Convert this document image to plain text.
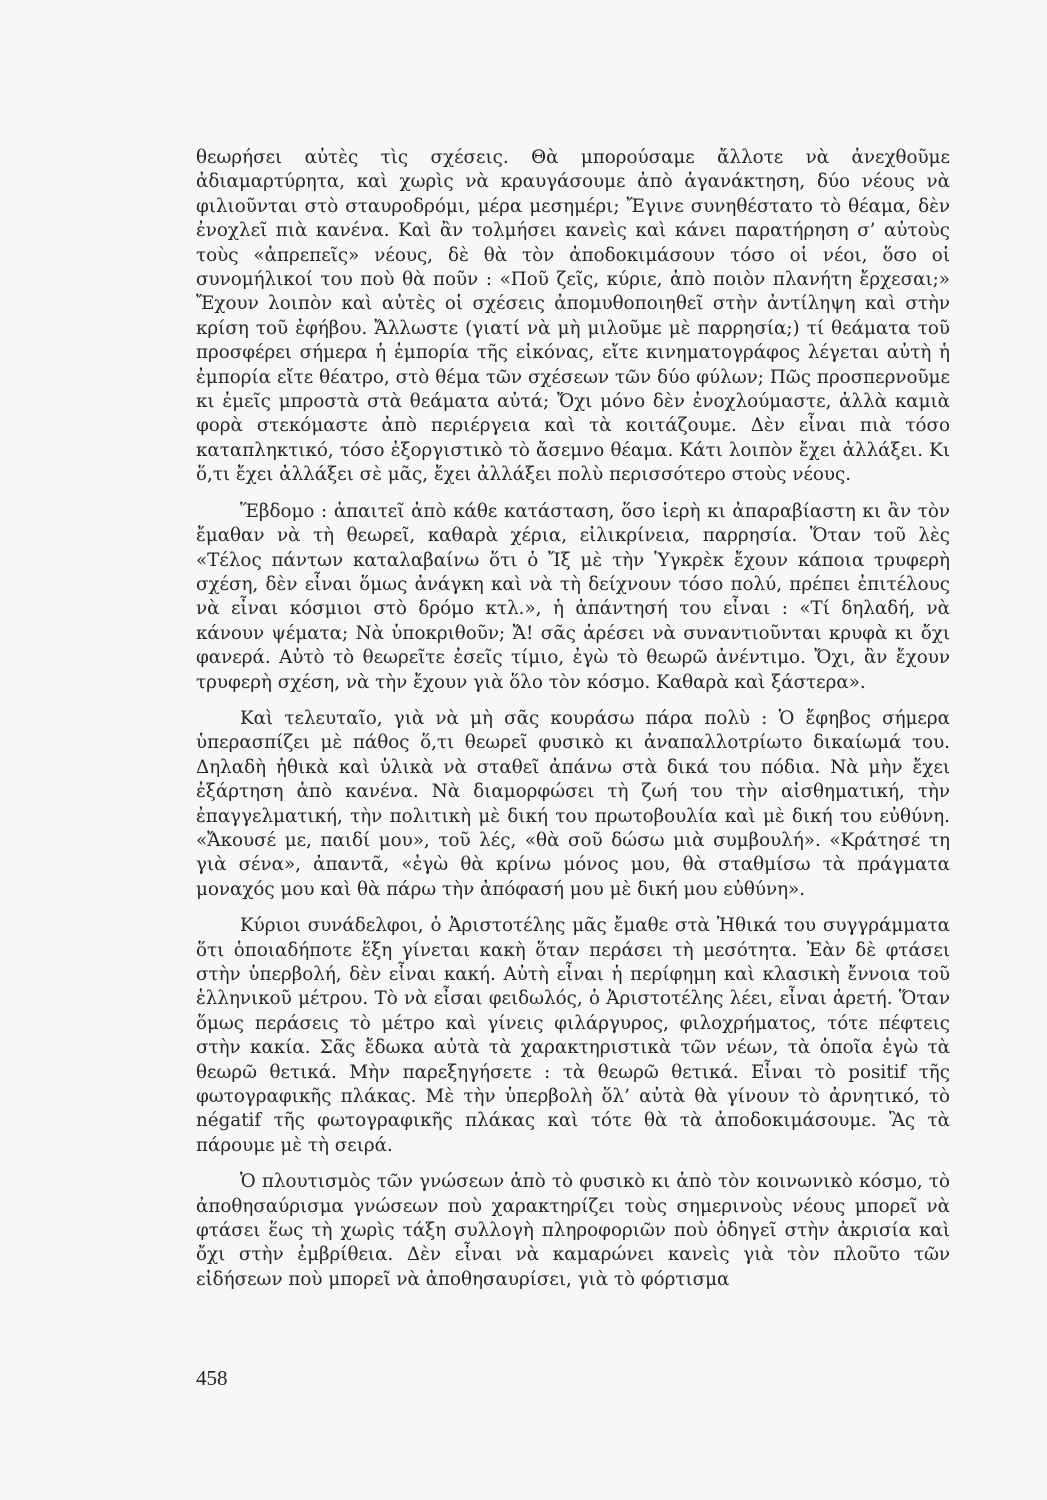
θεωρήσει αὐτὲς τὶς σχέσεις. Θὰ μπορούσαμε ἄλλοτε νὰ ἀνεχθοῦμε ἀδιαμαρτύρητα, καὶ χωρὶς νὰ κραυγάσουμε ἀπὸ ἀγανάκτηση, δύο νέους νὰ φιλιοῦνται στὸ σταυροδρόμι, μέρα μεσημέρι; Ἔγινε συνηθέστατο τὸ θέαμα, δὲν ἐνοχλεῖ πιὰ κανένα. Καὶ ἂν τολμήσει κανεὶς καὶ κάνει παρατήρηση σ’ αὐτοὺς τοὺς «ἀπρεπεῖς» νέους, δὲ θὰ τὸν ἀποδοκιμάσουν τόσο οἱ νέοι, ὅσο οἱ συνομήλικοί του ποὺ θὰ ποῦν : «Ποῦ ζεῖς, κύριε, ἀπὸ ποιὸν πλανήτη ἔρχεσαι;» Ἔχουν λοιπὸν καὶ αὐτὲς οἱ σχέσεις ἀπομυθοποιηθεῖ στὴν ἀντίληψη καὶ στὴν κρίση τοῦ ἐφήβου. Ἄλλωστε (γιατί νὰ μὴ μιλοῦμε μὲ παρρησία;) τί θεάματα τοῦ προσφέρει σήμερα ἡ ἐμπορία τῆς εἰκόνας, εἴτε κινηματογράφος λέγεται αὐτὴ ἡ ἐμπορία εἴτε θέατρο, στὸ θέμα τῶν σχέσεων τῶν δύο φύλων; Πῶς προσπερνοῦμε κι ἐμεῖς μπροστὰ στὰ θεάματα αὐτά; Ὄχι μόνο δὲν ἐνοχλούμαστε, ἀλλὰ καμιὰ φορὰ στεκόμαστε ἀπὸ περιέργεια καὶ τὰ κοιτάζουμε. Δὲν εἶναι πιὰ τόσο καταπληκτικό, τόσο ἐξοργιστικὸ τὸ ἄσεμνο θέαμα. Κάτι λοιπὸν ἔχει ἀλλάξει. Κι ὅ,τι ἔχει ἀλλάξει σὲ μᾶς, ἔχει ἀλλάξει πολὺ περισσότερο στοὺς νέους.

Ἕβδομο : ἀπαιτεῖ ἀπὸ κάθε κατάσταση, ὅσο ἱερὴ κι ἀπαραβίαστη κι ἂν τὸν ἔμαθαν νὰ τὴ θεωρεῖ, καθαρὰ χέρια, εἰλικρίνεια, παρρησία. Ὅταν τοῦ λὲς «Τέλος πάντων καταλαβαίνω ὅτι ὁ Ἴξ μὲ τὴν Ὑγκρὲκ ἔχουν κάποια τρυφερὴ σχέση, δὲν εἶναι ὅμως ἀνάγκη καὶ νὰ τὴ δείχνουν τόσο πολύ, πρέπει ἐπιτέλους νὰ εἶναι κόσμιοι στὸ δρόμο κτλ.», ἡ ἀπάντησή του εἶναι : «Τί δηλαδή, νὰ κάνουν ψέματα; Νὰ ὑποκριθοῦν; Ἄ! σᾶς ἀρέσει νὰ συναντιοῦνται κρυφὰ κι ὄχι φανερά. Αὐτὸ τὸ θεωρεῖτε ἐσεῖς τίμιο, ἐγὼ τὸ θεωρῶ ἀνέντιμο. Ὄχι, ἂν ἔχουν τρυφερὴ σχέση, νὰ τὴν ἔχουν γιὰ ὅλο τὸν κόσμο. Καθαρὰ καὶ ξάστερα».

Καὶ τελευταῖο, γιὰ νὰ μὴ σᾶς κουράσω πάρα πολὺ : Ὁ ἔφηβος σήμερα ὑπερασπίζει μὲ πάθος ὅ,τι θεωρεῖ φυσικὸ κι ἀναπαλλοτρίωτο δικαίωμά του. Δηλαδὴ ἠθικὰ καὶ ὑλικὰ νὰ σταθεῖ ἀπάνω στὰ δικά του πόδια. Νὰ μὴν ἔχει ἐξάρτηση ἀπὸ κανένα. Νὰ διαμορφώσει τὴ ζωή του τὴν αἰσθηματική, τὴν ἐπαγγελματική, τὴν πολιτικὴ μὲ δική του πρωτοβουλία καὶ μὲ δική του εὐθύνη. «Ἄκουσέ με, παιδί μου», τοῦ λές, «θὰ σοῦ δώσω μιὰ συμβουλή». «Κράτησέ τη γιὰ σένα», ἀπαντᾶ, «ἐγὼ θὰ κρίνω μόνος μου, θὰ σταθμίσω τὰ πράγματα μοναχός μου καὶ θὰ πάρω τὴν ἀπόφασή μου μὲ δική μου εὐθύνη».

Κύριοι συνάδελφοι, ὁ Ἀριστοτέλης μᾶς ἔμαθε στὰ Ἠθικά του συγγράμματα ὅτι ὁποιαδήποτε ἕξη γίνεται κακὴ ὅταν περάσει τὴ μεσότητα. Ἐὰν δὲ φτάσει στὴν ὑπερβολή, δὲν εἶναι κακή. Αὐτὴ εἶναι ἡ περίφημη καὶ κλασικὴ ἔννοια τοῦ ἑλληνικοῦ μέτρου. Τὸ νὰ εἶσαι φειδωλός, ὁ Ἀριστοτέλης λέει, εἶναι ἀρετή. Ὅταν ὅμως περάσεις τὸ μέτρο καὶ γίνεις φιλάργυρος, φιλοχρήματος, τότε πέφτεις στὴν κακία. Σᾶς ἔδωκα αὐτὰ τὰ χαρακτηριστικὰ τῶν νέων, τὰ ὁποῖα ἐγὼ τὰ θεωρῶ θετικά. Μὴν παρεξηγήσετε : τὰ θεωρῶ θετικά. Εἶναι τὸ positif τῆς φωτογραφικῆς πλάκας. Μὲ τὴν ὑπερβολὴ ὅλ’ αὐτὰ θὰ γίνουν τὸ ἀρνητικό, τὸ négatif τῆς φωτογραφικῆς πλάκας καὶ τότε θὰ τὰ ἀποδοκιμάσουμε. Ἂς τὰ πάρουμε μὲ τὴ σειρά.

Ὁ πλουτισμὸς τῶν γνώσεων ἀπὸ τὸ φυσικὸ κι ἀπὸ τὸν κοινωνικὸ κόσμο, τὸ ἀποθησαύρισμα γνώσεων ποὺ χαρακτηρίζει τοὺς σημερινοὺς νέους μπορεῖ νὰ φτάσει ἕως τὴ χωρὶς τάξη συλλογὴ πληροφοριῶν ποὺ ὁδηγεῖ στὴν ἀκρισία καὶ ὄχι στὴν ἐμβρίθεια. Δὲν εἶναι νὰ καμαρώνει κανεὶς γιὰ τὸν πλοῦτο τῶν εἰδήσεων ποὺ μπορεῖ νὰ ἀποθησαυρίσει, γιὰ τὸ φόρτισμα

458
